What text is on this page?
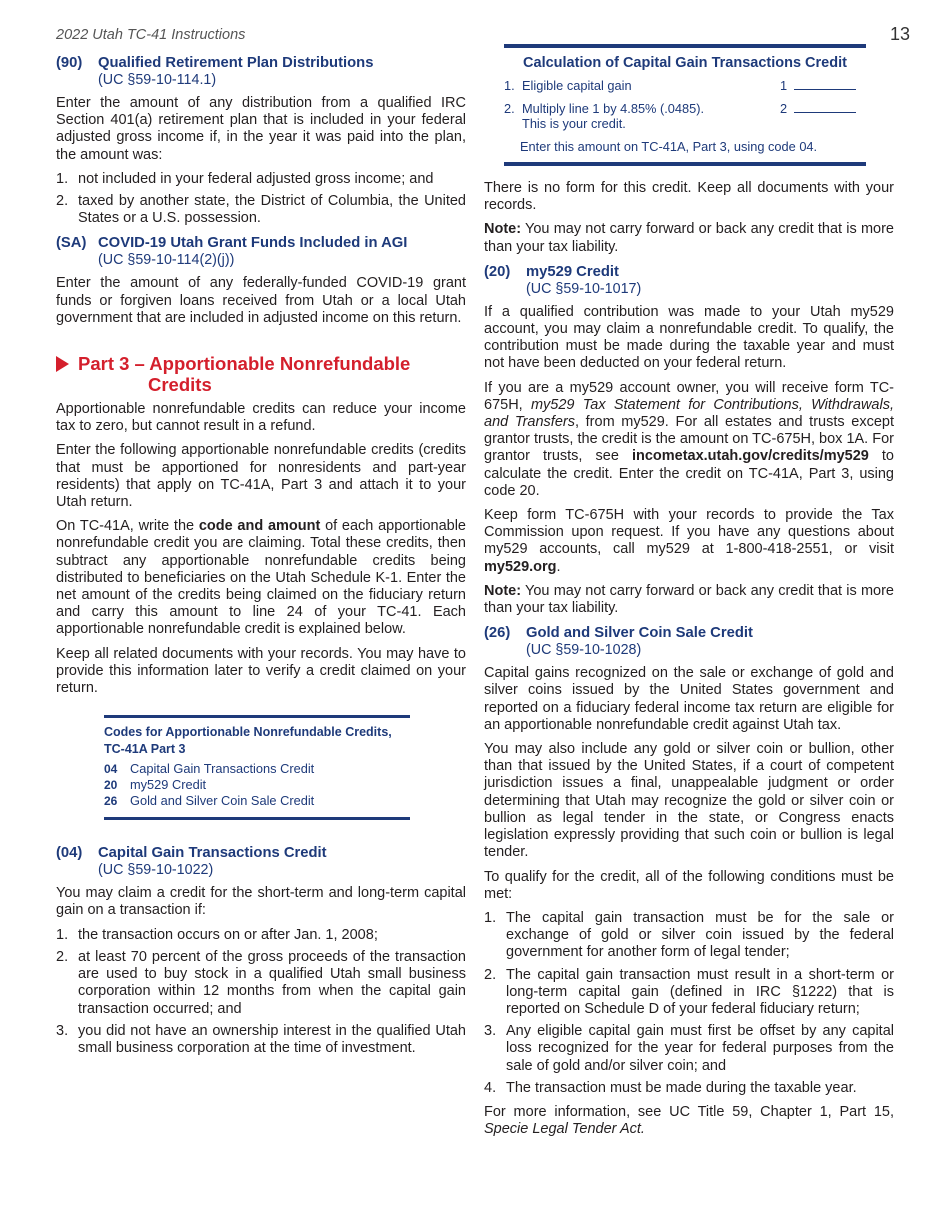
2022 Utah TC-41 Instructions	13
(90) Qualified Retirement Plan Distributions
(UC §59-10-114.1)

Enter the amount of any distribution from a qualified IRC Section 401(a) retirement plan that is included in your federal adjusted gross income if, in the year it was paid into the plan, the amount was:

1. not included in your federal adjusted gross income; and
2. taxed by another state, the District of Columbia, the United States or a U.S. possession.
(SA) COVID-19 Utah Grant Funds Included in AGI
(UC §59-10-114(2)(j))

Enter the amount of any federally-funded COVID-19 grant funds or forgiven loans received from Utah or a local Utah government that are included in adjusted income on this return.

Part 3 – Apportionable Nonrefundable
Credits

Apportionable nonrefundable credits can reduce your income tax to zero, but cannot result in a refund.

Enter the following apportionable nonrefundable credits (credits that must be apportioned for nonresidents and part-year residents) that apply on TC-41A, Part 3 and attach it to your Utah return.

On TC-41A, write the code and amount of each apportionable nonrefundable credit you are claiming. Total these credits, then subtract any apportionable nonrefundable credits being distributed to beneficiaries on the Utah Schedule K-1. Enter the net amount of the credits being claimed on the fiduciary return and carry this amount to line 24 of your TC-41. Each apportionable nonrefundable credit is explained below.

Keep all related documents with your records. You may have to provide this information later to verify a credit claimed on your return.

Codes for Apportionable Nonrefundable Credits, TC-41A Part 3
04 Capital Gain Transactions Credit
20 my529 Credit
26 Gold and Silver Coin Sale Credit
(04) Capital Gain Transactions Credit
(UC §59-10-1022)

You may claim a credit for the short-term and long-term capital gain on a transaction if:

1. the transaction occurs on or after Jan. 1, 2008;
2. at least 70 percent of the gross proceeds of the transaction are used to buy stock in a qualified Utah small business corporation within 12 months from when the capital gain transaction occurred; and
3. you did not have an ownership interest in the qualified Utah small business corporation at the time of investment.
Calculation of Capital Gain Transactions Credit
1. Eligible capital gain	1
2. Multiply line 1 by 4.85% (.0485). This is your credit.
2
Enter this amount on TC-41A, Part 3, using code 04.

There is no form for this credit. Keep all documents with your records.

Note: You may not carry forward or back any credit that is more than your tax liability.

(20) my529 Credit
(UC §59-10-1017)

If a qualified contribution was made to your Utah my529 account, you may claim a nonrefundable credit. To qualify, the contribution must be made during the taxable year and must not have been deducted on your federal return.

If you are a my529 account owner, you will receive form TC-675H, my529 Tax Statement for Contributions, Withdrawals, and Transfers, from my529. For all estates and trusts except grantor trusts, the credit is the amount on TC-675H, box 1A. For grantor trusts, see incometax.utah.gov/credits/my529 to calculate the credit. Enter the credit on TC-41A, Part 3, using code 20.

Keep form TC-675H with your records to provide the Tax Commission upon request. If you have any questions about my529 accounts, call my529 at 1-800-418-2551, or visit my529.org.

Note: You may not carry forward or back any credit that is more than your tax liability.

(26) Gold and Silver Coin Sale Credit
(UC §59-10-1028)

Capital gains recognized on the sale or exchange of gold and silver coins issued by the United States government and reported on a fiduciary federal income tax return are eligible for an apportionable nonrefundable credit against Utah tax.

You may also include any gold or silver coin or bullion, other than that issued by the United States, if a court of competent jurisdiction issues a final, unappealable judgment or order determining that Utah may recognize the gold or silver coin or bullion as legal tender in the state, or Congress enacts legislation expressly providing that such coin or bullion is legal tender.

To qualify for the credit, all of the following conditions must be met:

1. The capital gain transaction must be for the sale or exchange of gold or silver coin issued by the federal government for another form of legal tender;
2. The capital gain transaction must result in a short-term or long-term capital gain (defined in IRC §1222) that is reported on Schedule D of your federal fiduciary return;
3. Any eligible capital gain must first be offset by any capital loss recognized for the year for federal purposes from the sale of gold and/or silver coin; and
4. The transaction must be made during the taxable year.

For more information, see UC Title 59, Chapter 1, Part 15, Specie Legal Tender Act.
